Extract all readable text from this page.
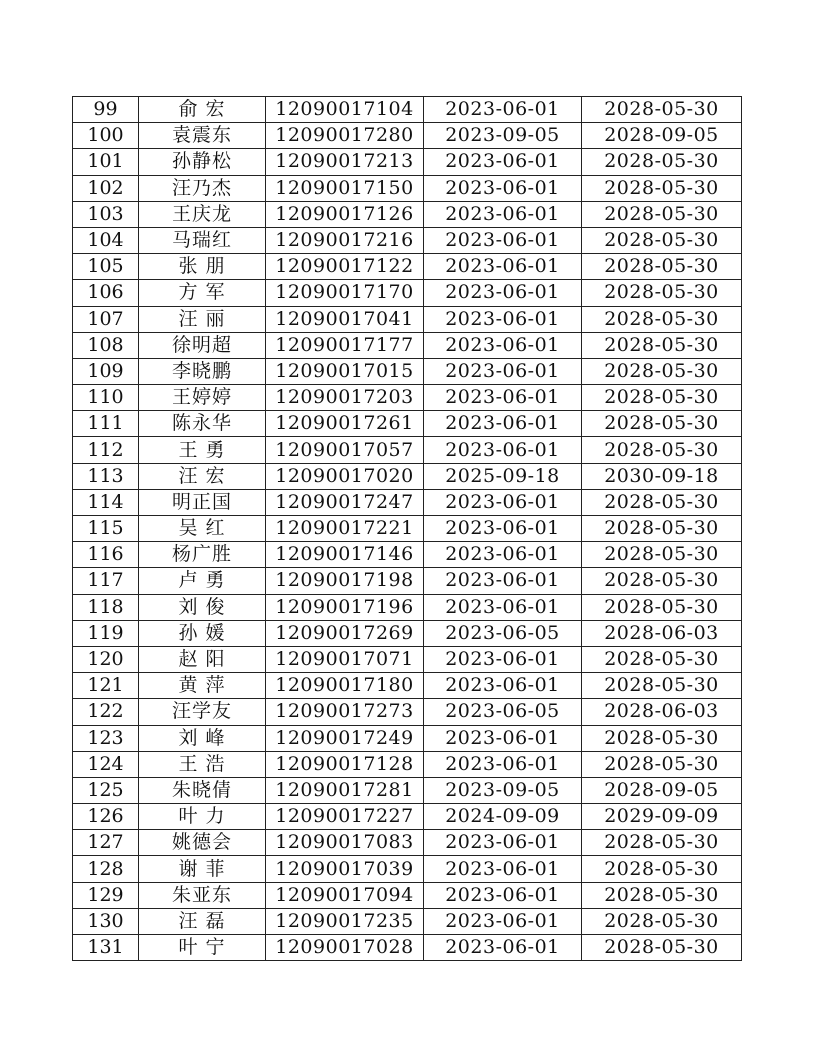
99	俞 宏	12090017104	2023-06-01	2028-05-30
100	袁震东	12090017280	2023-09-05	2028-09-05
101	孙静松	12090017213	2023-06-01	2028-05-30
102	汪乃杰	12090017150	2023-06-01	2028-05-30
103	王庆龙	12090017126	2023-06-01	2028-05-30
104	马瑞红	12090017216	2023-06-01	2028-05-30
105	张 朋	12090017122	2023-06-01	2028-05-30
106	方 军	12090017170	2023-06-01	2028-05-30
107	汪 丽	12090017041	2023-06-01	2028-05-30
108	徐明超	12090017177	2023-06-01	2028-05-30
109	李晓鹏	12090017015	2023-06-01	2028-05-30
110	王婷婷	12090017203	2023-06-01	2028-05-30
111	陈永华	12090017261	2023-06-01	2028-05-30
112	王 勇	12090017057	2023-06-01	2028-05-30
113	汪 宏	12090017020	2025-09-18	2030-09-18
114	明正国	12090017247	2023-06-01	2028-05-30
115	吴 红	12090017221	2023-06-01	2028-05-30
116	杨广胜	12090017146	2023-06-01	2028-05-30
117	卢 勇	12090017198	2023-06-01	2028-05-30
118	刘 俊	12090017196	2023-06-01	2028-05-30
119	孙 媛	12090017269	2023-06-05	2028-06-03
120	赵 阳	12090017071	2023-06-01	2028-05-30
121	黄 萍	12090017180	2023-06-01	2028-05-30
122	汪学友	12090017273	2023-06-05	2028-06-03
123	刘 峰	12090017249	2023-06-01	2028-05-30
124	王 浩	12090017128	2023-06-01	2028-05-30
125	朱晓倩	12090017281	2023-09-05	2028-09-05
126	叶 力	12090017227	2024-09-09	2029-09-09
127	姚德会	12090017083	2023-06-01	2028-05-30
128	谢 菲	12090017039	2023-06-01	2028-05-30
129	朱亚东	12090017094	2023-06-01	2028-05-30
130	汪 磊	12090017235	2023-06-01	2028-05-30
131	叶 宁	12090017028	2023-06-01	2028-05-30
